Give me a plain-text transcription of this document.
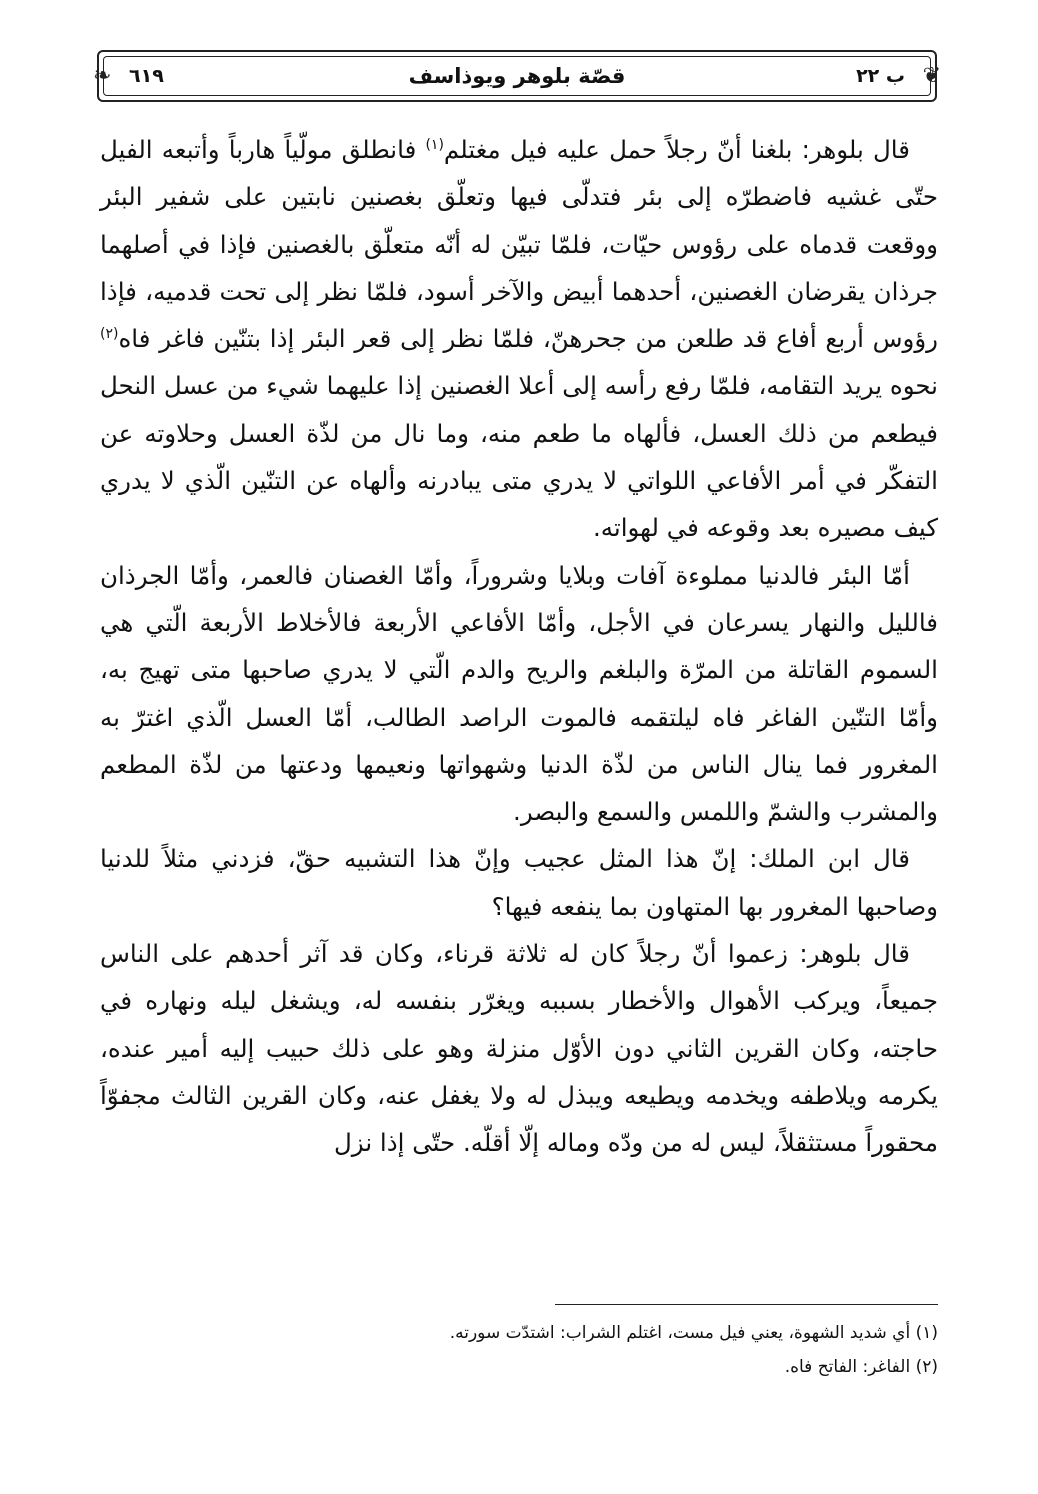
❦
ب ٢٢
قصّة بلوهر ويوذاسف
٦١٩
❧

قال بلوهر: بلغنا أنّ رجلاً حمل عليه فيل مغتلم$^{(١)}$ فانطلق مولّياً هارباً وأتبعه الفيل حتّى غشيه فاضطرّه إلى بئر فتدلّى فيها وتعلّق بغصنين نابتين على شفير البئر ووقعت قدماه على رؤوس حيّات، فلمّا تبيّن له أنّه متعلّق بالغصنين فإذا في أصلهما جرذان يقرضان الغصنين، أحدهما أبيض والآخر أسود، فلمّا نظر إلى تحت قدميه، فإذا رؤوس أربع أفاع قد طلعن من جحرهنّ، فلمّا نظر إلى قعر البئر إذا بتنّين فاغر فاه$^{(٢)}$ نحوه يريد التقامه، فلمّا رفع رأسه إلى أعلا الغصنين إذا عليهما شيء من عسل النحل فيطعم من ذلك العسل، فألهاه ما طعم منه، وما نال من لذّة العسل وحلاوته عن التفكّر في أمر الأفاعي اللواتي لا يدري متى يبادرنه وألهاه عن التنّين الّذي لا يدري كيف مصيره بعد وقوعه في لهواته.

أمّا البئر فالدنيا مملوءة آفات وبلايا وشروراً، وأمّا الغصنان فالعمر، وأمّا الجرذان فالليل والنهار يسرعان في الأجل، وأمّا الأفاعي الأربعة فالأخلاط الأربعة الّتي هي السموم القاتلة من المرّة والبلغم والريح والدم الّتي لا يدري صاحبها متى تهيج به، وأمّا التنّين الفاغر فاه ليلتقمه فالموت الراصد الطالب، أمّا العسل الّذي اغترّ به المغرور فما ينال الناس من لذّة الدنيا وشهواتها ونعيمها ودعتها من لذّة المطعم والمشرب والشمّ واللمس والسمع والبصر.

قال ابن الملك: إنّ هذا المثل عجيب وإنّ هذا التشبيه حقّ، فزدني مثلاً للدنيا وصاحبها المغرور بها المتهاون بما ينفعه فيها؟

قال بلوهر: زعموا أنّ رجلاً كان له ثلاثة قرناء، وكان قد آثر أحدهم على الناس جميعاً، ويركب الأهوال والأخطار بسببه ويغرّر بنفسه له، ويشغل ليله ونهاره في حاجته، وكان القرين الثاني دون الأوّل منزلة وهو على ذلك حبيب إليه أمير عنده، يكرمه ويلاطفه ويخدمه ويطيعه ويبذل له ولا يغفل عنه، وكان القرين الثالث مجفوّاً محقوراً مستثقلاً، ليس له من ودّه وماله إلّا أقلّه. حتّى إذا نزل

(١) أي شديد الشهوة، يعني فيل مست، اغتلم الشراب: اشتدّت سورته.
(٢) الفاغر: الفاتح فاه.
